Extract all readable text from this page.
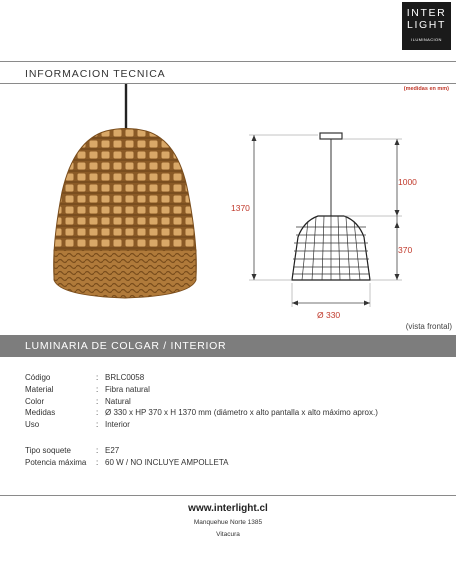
INTER
LIGHT
ILUMINACION
INFORMACION TECNICA
(medidas en mm)
1370
1000
370
Ø 330
(vista frontal)
LUMINARIA DE COLGAR / INTERIOR
Código	: BRLC0058
Material	: Fibra natural
Color	: Natural
Medidas	: Ø 330 x HP 370 x H 1370 mm (diámetro x alto pantalla x alto máximo aprox.)
Uso	: Interior
Tipo soquete	: E27
Potencia máxima : 60 W / NO INCLUYE AMPOLLETA
www.interlight.cl
Manquehue Norte 1385
Vitacura
